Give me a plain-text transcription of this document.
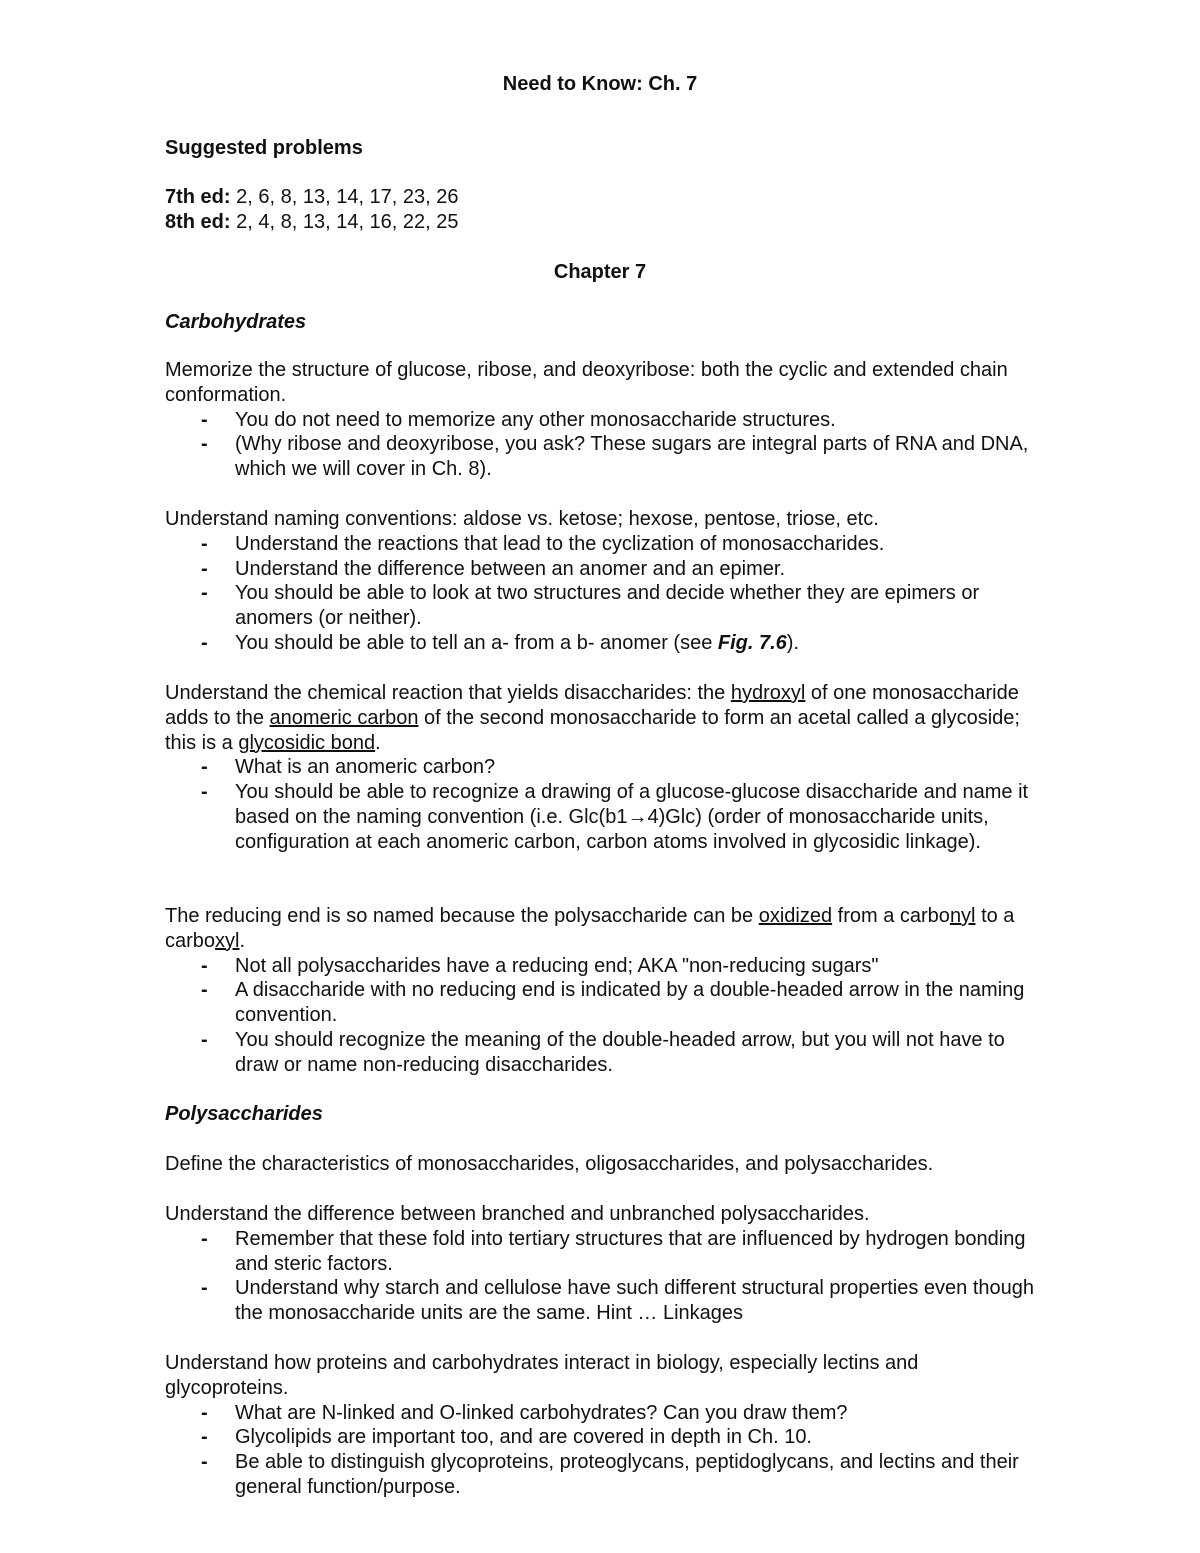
Need to Know: Ch. 7
Suggested problems
7th ed: 2, 6, 8, 13, 14, 17, 23, 26
8th ed: 2, 4, 8, 13, 14, 16, 22, 25
Chapter 7
Carbohydrates

Memorize the structure of glucose, ribose, and deoxyribose: both the cyclic and extended chain conformation.

- You do not need to memorize any other monosaccharide structures.
- (Why ribose and deoxyribose, you ask? These sugars are integral parts of RNA and DNA, which we will cover in Ch. 8).

Understand naming conventions: aldose vs. ketose; hexose, pentose, triose, etc.

- Understand the reactions that lead to the cyclization of monosaccharides.
- Understand the difference between an anomer and an epimer.
- You should be able to look at two structures and decide whether they are epimers or anomers (or neither).
- You should be able to tell an a- from a b- anomer (see Fig. 7.6).

Understand the chemical reaction that yields disaccharides: the hydroxyl of one monosaccharide adds to the anomeric carbon of the second monosaccharide to form an acetal called a glycoside; this is a glycosidic bond.

- What is an anomeric carbon?
- You should be able to recognize a drawing of a glucose-glucose disaccharide and name it based on the naming convention (i.e. Glc(b1→4)Glc) (order of monosaccharide units, configuration at each anomeric carbon, carbon atoms involved in glycosidic linkage).

The reducing end is so named because the polysaccharide can be oxidized from a carbonyl to a carboxyl.

- Not all polysaccharides have a reducing end; AKA "non-reducing sugars"
- A disaccharide with no reducing end is indicated by a double-headed arrow in the naming convention.
- You should recognize the meaning of the double-headed arrow, but you will not have to draw or name non-reducing disaccharides.
Polysaccharides
Define the characteristics of monosaccharides, oligosaccharides, and polysaccharides.

Understand the difference between branched and unbranched polysaccharides.

- Remember that these fold into tertiary structures that are influenced by hydrogen bonding and steric factors.
- Understand why starch and cellulose have such different structural properties even though the monosaccharide units are the same. Hint … Linkages

Understand how proteins and carbohydrates interact in biology, especially lectins and glycoproteins.

- What are N-linked and O-linked carbohydrates? Can you draw them?
- Glycolipids are important too, and are covered in depth in Ch. 10.
- Be able to distinguish glycoproteins, proteoglycans, peptidoglycans, and lectins and their general function/purpose.
